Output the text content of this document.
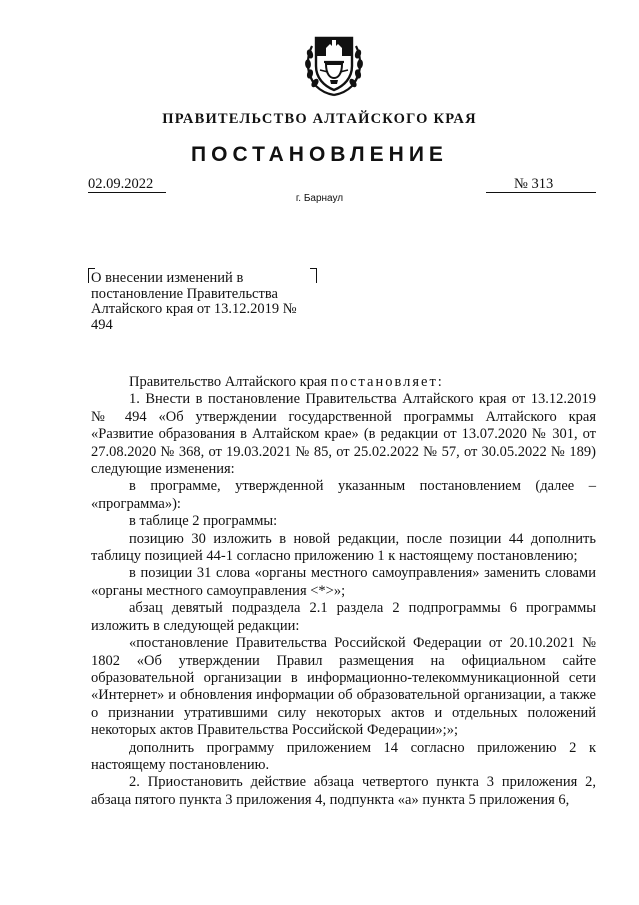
ПРАВИТЕЛЬСТВО АЛТАЙСКОГО КРАЯ
ПОСТАНОВЛЕНИЕ
02.09.2022	№ 313
г. Барнаул
О внесении изменений в постановление Правительства Алтайского края от 13.12.2019 № 494

Правительство Алтайского края постановляет:

1. Внести в постановление Правительства Алтайского края от 13.12.2019 № 494 «Об утверждении государственной программы Алтайского края «Развитие образования в Алтайском крае» (в редакции от 13.07.2020 № 301, от 27.08.2020 № 368, от 19.03.2021 № 85, от 25.02.2022 № 57, от 30.05.2022 № 189) следующие изменения:

в программе, утвержденной указанным постановлением (далее – «программа»):

в таблице 2 программы:

позицию 30 изложить в новой редакции, после позиции 44 дополнить таблицу позицией 44-1 согласно приложению 1 к настоящему постановлению;

в позиции 31 слова «органы местного самоуправления» заменить словами «органы местного самоуправления <*>»;

абзац девятый подраздела 2.1 раздела 2 подпрограммы 6 программы изложить в следующей редакции:

«постановление Правительства Российской Федерации от 20.10.2021 № 1802 «Об утверждении Правил размещения на официальном сайте образовательной организации в информационно-телекоммуникационной сети «Интернет» и обновления информации об образовательной организации, а также о признании утратившими силу некоторых актов и отдельных положений некоторых актов Правительства Российской Федерации»;»;

дополнить программу приложением 14 согласно приложению 2 к настоящему постановлению.

2. Приостановить действие абзаца четвертого пункта 3 приложения 2, абзаца пятого пункта 3 приложения 4, подпункта «а» пункта 5 приложения 6,
